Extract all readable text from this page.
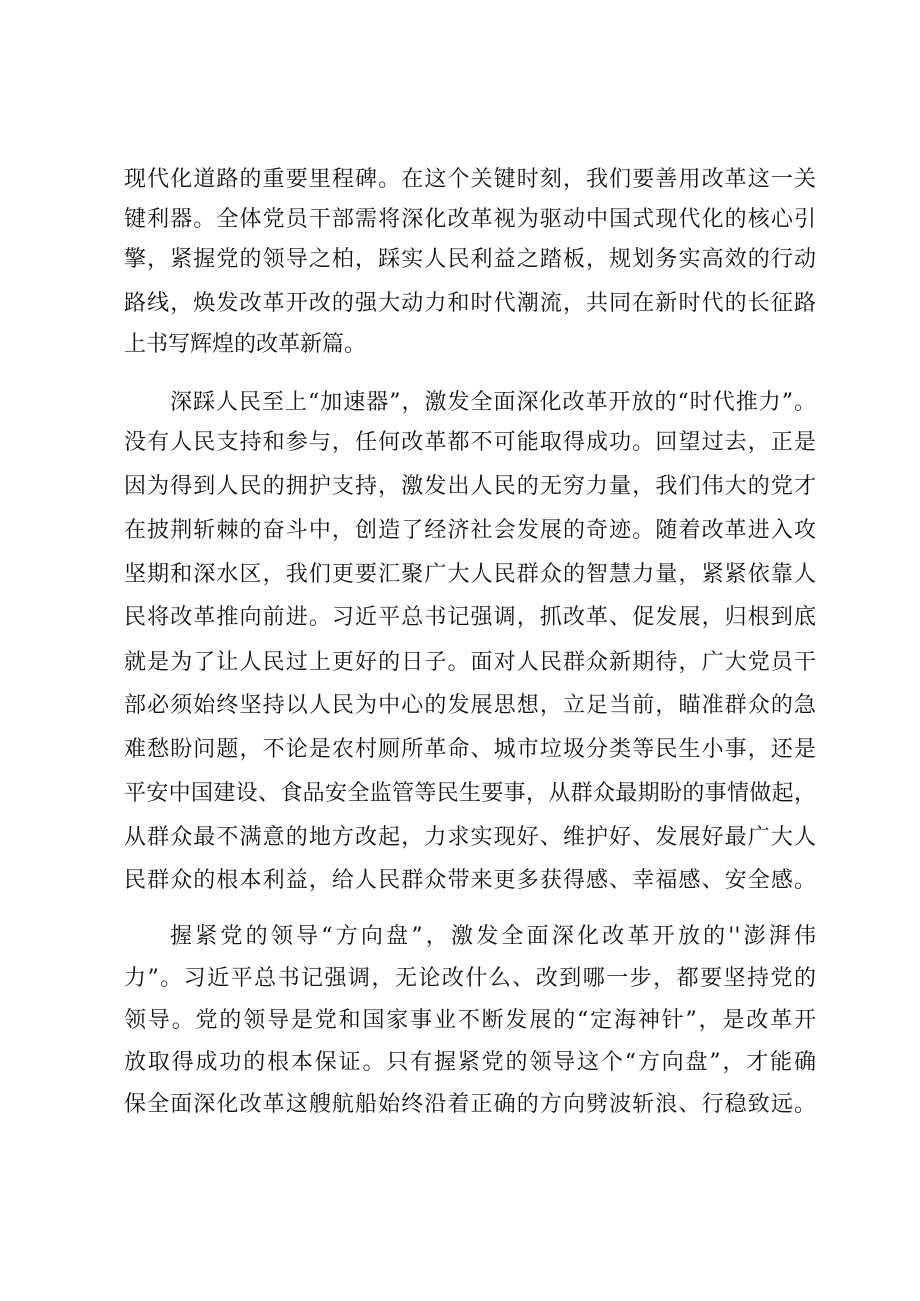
现代化道路的重要里程碑。在这个关键时刻，我们要善用改革这一关
键利器。全体党员干部需将深化改革视为驱动中国式现代化的核心引
擎，紧握党的领导之柏，踩实人民利益之踏板，规划务实高效的行动
路线，焕发改革开改的强大动力和时代潮流，共同在新时代的长征路
上书写辉煌的改革新篇。
深踩人民至上“加速器”，激发全面深化改革开放的“时代推力”。
没有人民支持和参与，任何改革都不可能取得成功。回望过去，正是
因为得到人民的拥护支持，激发出人民的无穷力量，我们伟大的党才
在披荆斩棘的奋斗中，创造了经济社会发展的奇迹。随着改革进入攻
坚期和深水区，我们更要汇聚广大人民群众的智慧力量，紧紧依靠人
民将改革推向前进。习近平总书记强调，抓改革、促发展，归根到底
就是为了让人民过上更好的日子。面对人民群众新期待，广大党员干
部必须始终坚持以人民为中心的发展思想，立足当前，瞄准群众的急
难愁盼问题，不论是农村厕所革命、城市垃圾分类等民生小事，还是
平安中国建设、食品安全监管等民生要事，从群众最期盼的事情做起，
从群众最不满意的地方改起，力求实现好、维护好、发展好最广大人
民群众的根本利益，给人民群众带来更多获得感、幸福感、安全感。
握紧党的领导“方向盘”，激发全面深化改革开放的''澎湃伟
力”。习近平总书记强调，无论改什么、改到哪一步，都要坚持党的
领导。党的领导是党和国家事业不断发展的“定海神针”，是改革开
放取得成功的根本保证。只有握紧党的领导这个“方向盘”，才能确
保全面深化改革这艘航船始终沿着正确的方向劈波斩浪、行稳致远。
